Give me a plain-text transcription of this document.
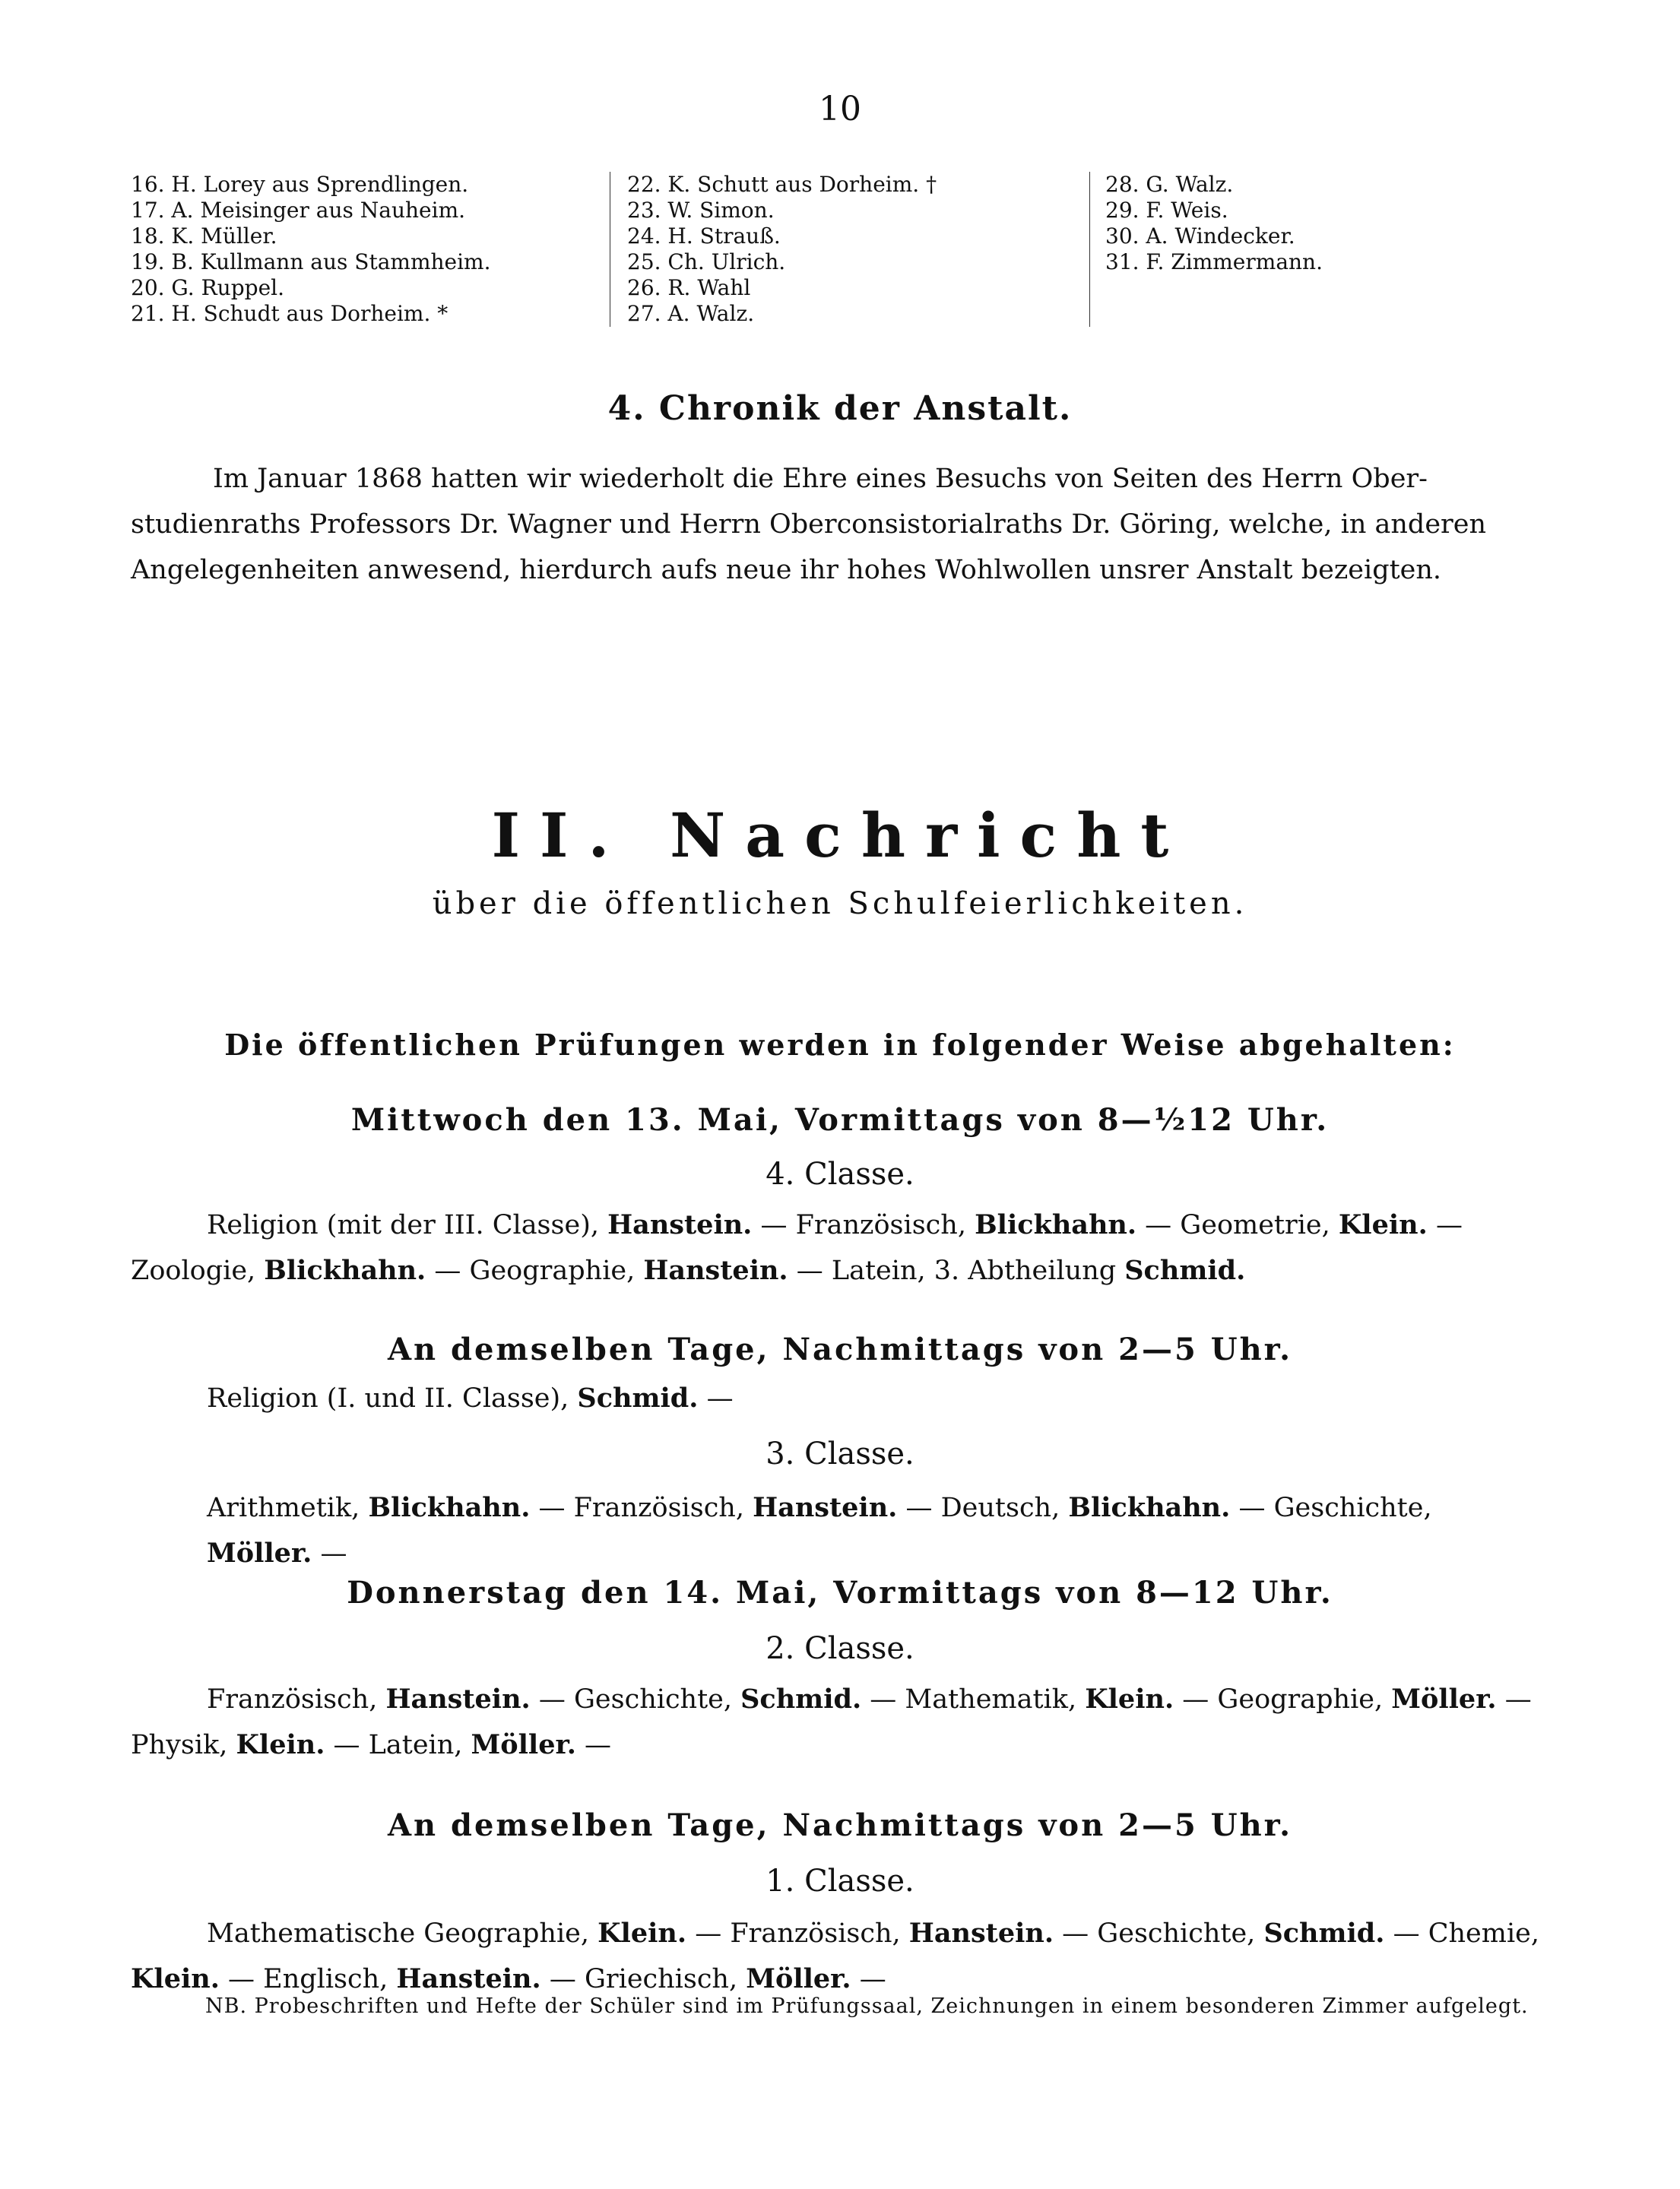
10
16. H. Lorey aus Sprendlingen.
17. A. Meisinger aus Nauheim.
18. K. Müller.
19. B. Kullmann aus Stammheim.
20. G. Ruppel.
21. H. Schudt aus Dorheim. *
22. K. Schutt aus Dorheim. †
23. W. Simon.
24. H. Strauß.
25. Ch. Ulrich.
26. R. Wahl
27. A. Walz.
28. G. Walz.
29. F. Weis.
30. A. Windecker.
31. F. Zimmermann.
4. Chronik der Anstalt.
Im Januar 1868 hatten wir wiederholt die Ehre eines Besuchs von Seiten des Herrn Ober-
studienraths Professors Dr. Wagner und Herrn Oberconsistorialraths Dr. Göring, welche, in anderen
Angelegenheiten anwesend, hierdurch aufs neue ihr hohes Wohlwollen unsrer Anstalt bezeigten.
II. Nachricht
über die öffentlichen Schulfeierlichkeiten.
Die öffentlichen Prüfungen werden in folgender Weise abgehalten:
Mittwoch den 13. Mai, Vormittags von 8—½12 Uhr.
4. Classe.
Religion (mit der III. Classe), Hanstein. — Französisch, Blickhahn. — Geometrie, Klein. —
Zoologie, Blickhahn. — Geographie, Hanstein. — Latein, 3. Abtheilung Schmid.
An demselben Tage, Nachmittags von 2—5 Uhr.
Religion (I. und II. Classe), Schmid. —
3. Classe.
Arithmetik, Blickhahn. — Französisch, Hanstein. — Deutsch, Blickhahn. — Geschichte, Möller. —
Donnerstag den 14. Mai, Vormittags von 8—12 Uhr.
2. Classe.
Französisch, Hanstein. — Geschichte, Schmid. — Mathematik, Klein. — Geographie, Möller. —
Physik, Klein. — Latein, Möller. —
An demselben Tage, Nachmittags von 2—5 Uhr.
1. Classe.
Mathematische Geographie, Klein. — Französisch, Hanstein. — Geschichte, Schmid. — Chemie,
Klein. — Englisch, Hanstein. — Griechisch, Möller. —
NB. Probeschriften und Hefte der Schüler sind im Prüfungssaal, Zeichnungen in einem besonderen Zimmer aufgelegt.
